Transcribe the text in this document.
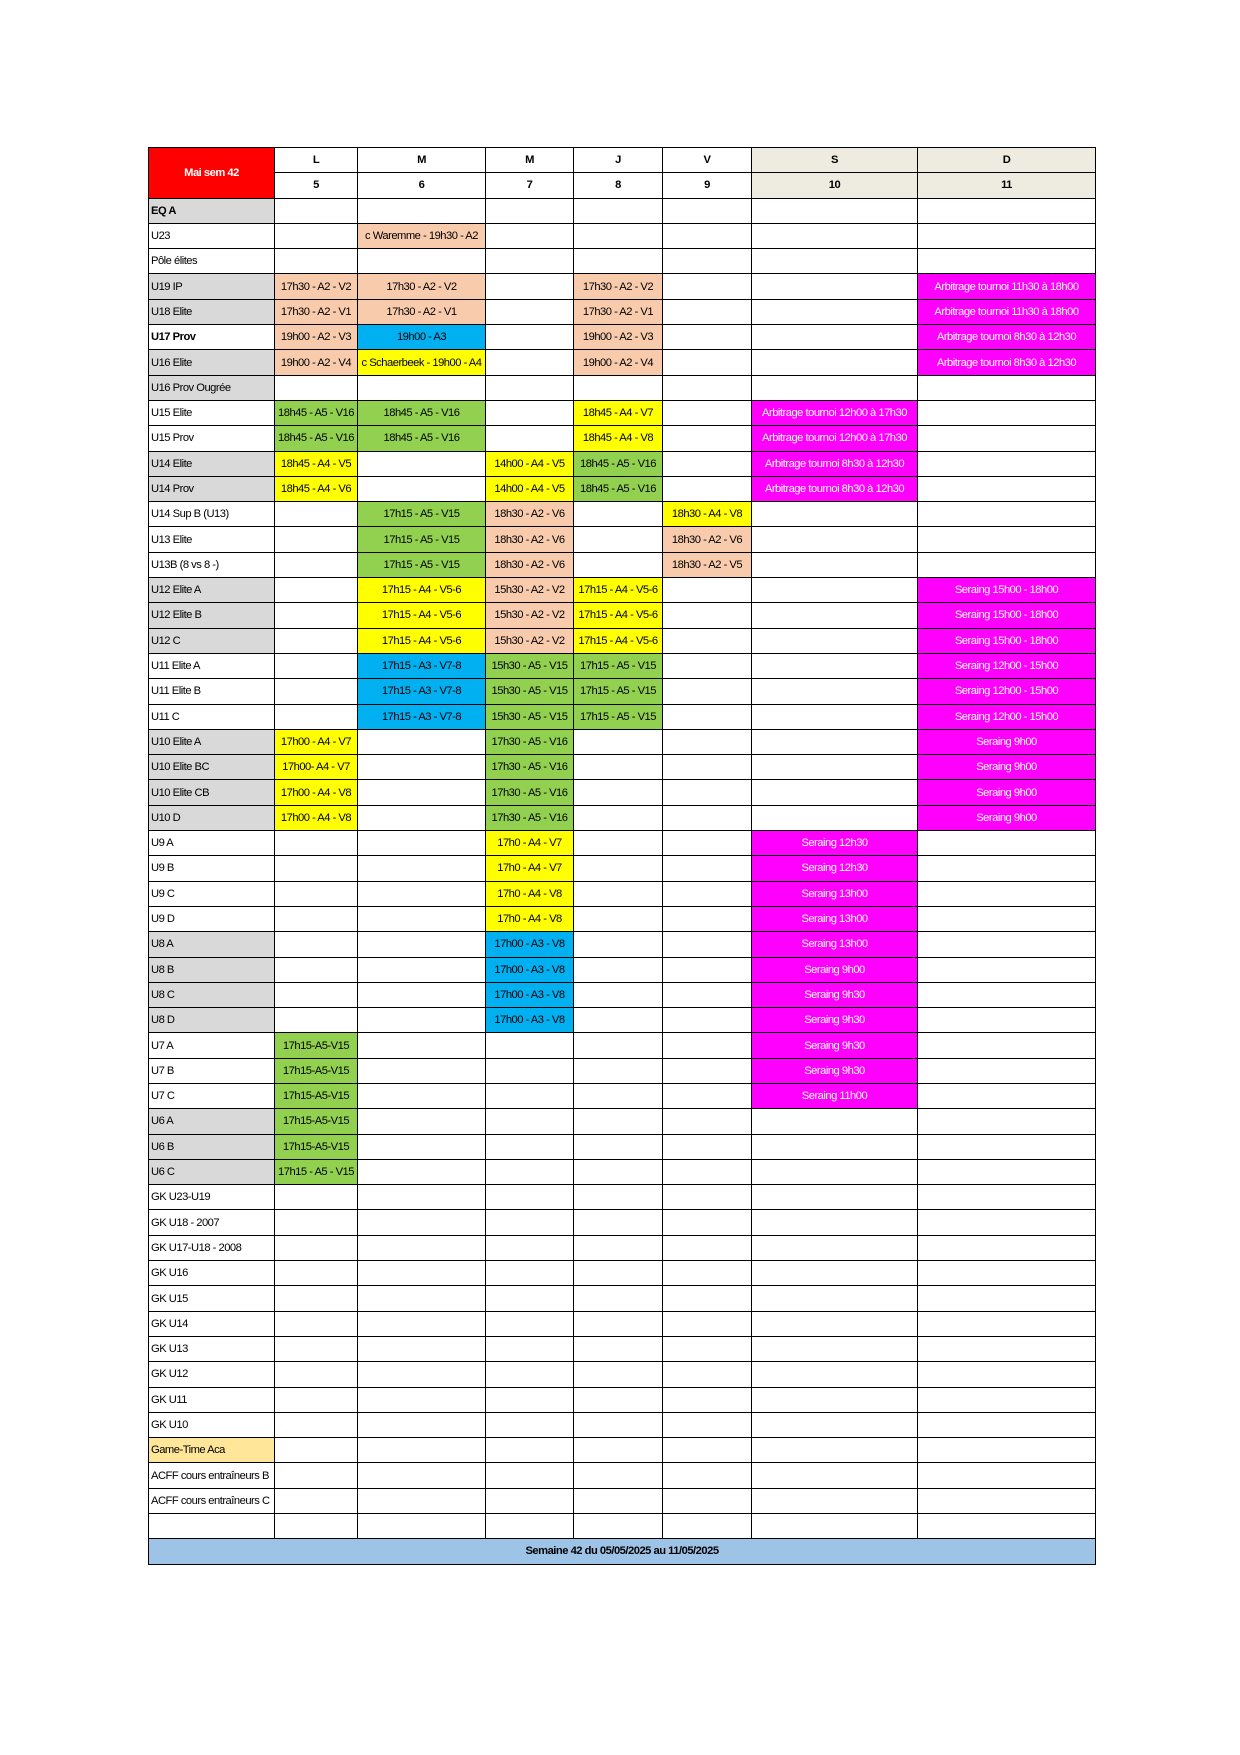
Mai sem 42	L	M	M	J	V	S	D
	5	6	7	8	9	10	11
EQ A							
U23		c Waremme - 19h30 - A2					
Pôle élites							
U19 IP	17h30 - A2 - V2	17h30 - A2 - V2		17h30 - A2 - V2			Arbitrage tournoi 11h30 à 18h00
U18 Elite	17h30 - A2 - V1	17h30 - A2 - V1		17h30 - A2 - V1			Arbitrage tournoi 11h30 à 18h00
U17 Prov	19h00 - A2 - V3	19h00 - A3		19h00 - A2 - V3			Arbitrage tournoi 8h30 à 12h30
U16 Elite	19h00 - A2 - V4	c Schaerbeek - 19h00 - A4		19h00 - A2 - V4			Arbitrage tournoi 8h30 à 12h30
U16 Prov Ougrée							
U15 Elite	18h45 - A5 - V16	18h45 - A5 - V16		18h45 - A4 - V7		Arbitrage tournoi 12h00 à 17h30	
U15 Prov	18h45 - A5 - V16	18h45 - A5 - V16		18h45 - A4 - V8		Arbitrage tournoi 12h00 à 17h30	
U14 Elite	18h45 - A4 - V5		14h00 - A4 - V5	18h45 - A5 - V16		Arbitrage tournoi 8h30 à 12h30	
U14 Prov	18h45 - A4 - V6		14h00 - A4 - V5	18h45 - A5 - V16		Arbitrage tournoi 8h30 à 12h30	
U14 Sup B (U13)		17h15 - A5 - V15	18h30 - A2 - V6		18h30 - A4 - V8		
U13 Elite		17h15 - A5 - V15	18h30 - A2 - V6		18h30 - A2 - V6		
U13B (8 vs 8 -)		17h15 - A5 - V15	18h30 - A2 - V6		18h30 - A2 - V5		
U12 Elite A		17h15 - A4 - V5-6	15h30 - A2 - V2	17h15 - A4 - V5-6			Seraing 15h00 - 18h00
U12 Elite B		17h15 - A4 - V5-6	15h30 - A2 - V2	17h15 - A4 - V5-6			Seraing 15h00 - 18h00
U12 C		17h15 - A4 - V5-6	15h30 - A2 - V2	17h15 - A4 - V5-6			Seraing 15h00 - 18h00
U11 Elite A		17h15 - A3 - V7-8	15h30 - A5 - V15	17h15 - A5 - V15			Seraing 12h00 - 15h00
U11 Elite B		17h15 - A3 - V7-8	15h30 - A5 - V15	17h15 - A5 - V15			Seraing 12h00 - 15h00
U11 C		17h15 - A3 - V7-8	15h30 - A5 - V15	17h15 - A5 - V15			Seraing 12h00 - 15h00
U10 Elite A	17h00 - A4 - V7		17h30 - A5 - V16				Seraing 9h00
U10 Elite BC	17h00- A4 - V7		17h30 - A5 - V16				Seraing 9h00
U10 Elite CB	17h00 - A4 - V8		17h30 - A5 - V16				Seraing 9h00
U10 D	17h00 - A4 - V8		17h30 - A5 - V16				Seraing 9h00
U9 A			17h0 - A4 - V7			Seraing 12h30	
U9 B			17h0 - A4 - V7			Seraing 12h30	
U9 C			17h0 - A4 - V8			Seraing 13h00	
U9 D			17h0 - A4 - V8			Seraing 13h00	
U8 A			17h00 - A3 - V8			Seraing 13h00	
U8 B			17h00 - A3 - V8			Seraing 9h00	
U8 C			17h00 - A3 - V8			Seraing 9h30	
U8 D			17h00 - A3 - V8			Seraing 9h30	
U7 A	17h15-A5-V15					Seraing 9h30	
U7 B	17h15-A5-V15					Seraing 9h30	
U7 C	17h15-A5-V15					Seraing 11h00	
U6 A	17h15-A5-V15						
U6 B	17h15-A5-V15						
U6 C	17h15 - A5 - V15						
GK U23-U19							
GK U18 - 2007							
GK U17-U18 - 2008							
GK U16							
GK U15							
GK U14							
GK U13							
GK U12							
GK U11							
GK U10							
Game-Time Aca							
ACFF cours entraîneurs B							
ACFF cours entraîneurs C							

Semaine 42 du 05/05/2025 au 11/05/2025							
